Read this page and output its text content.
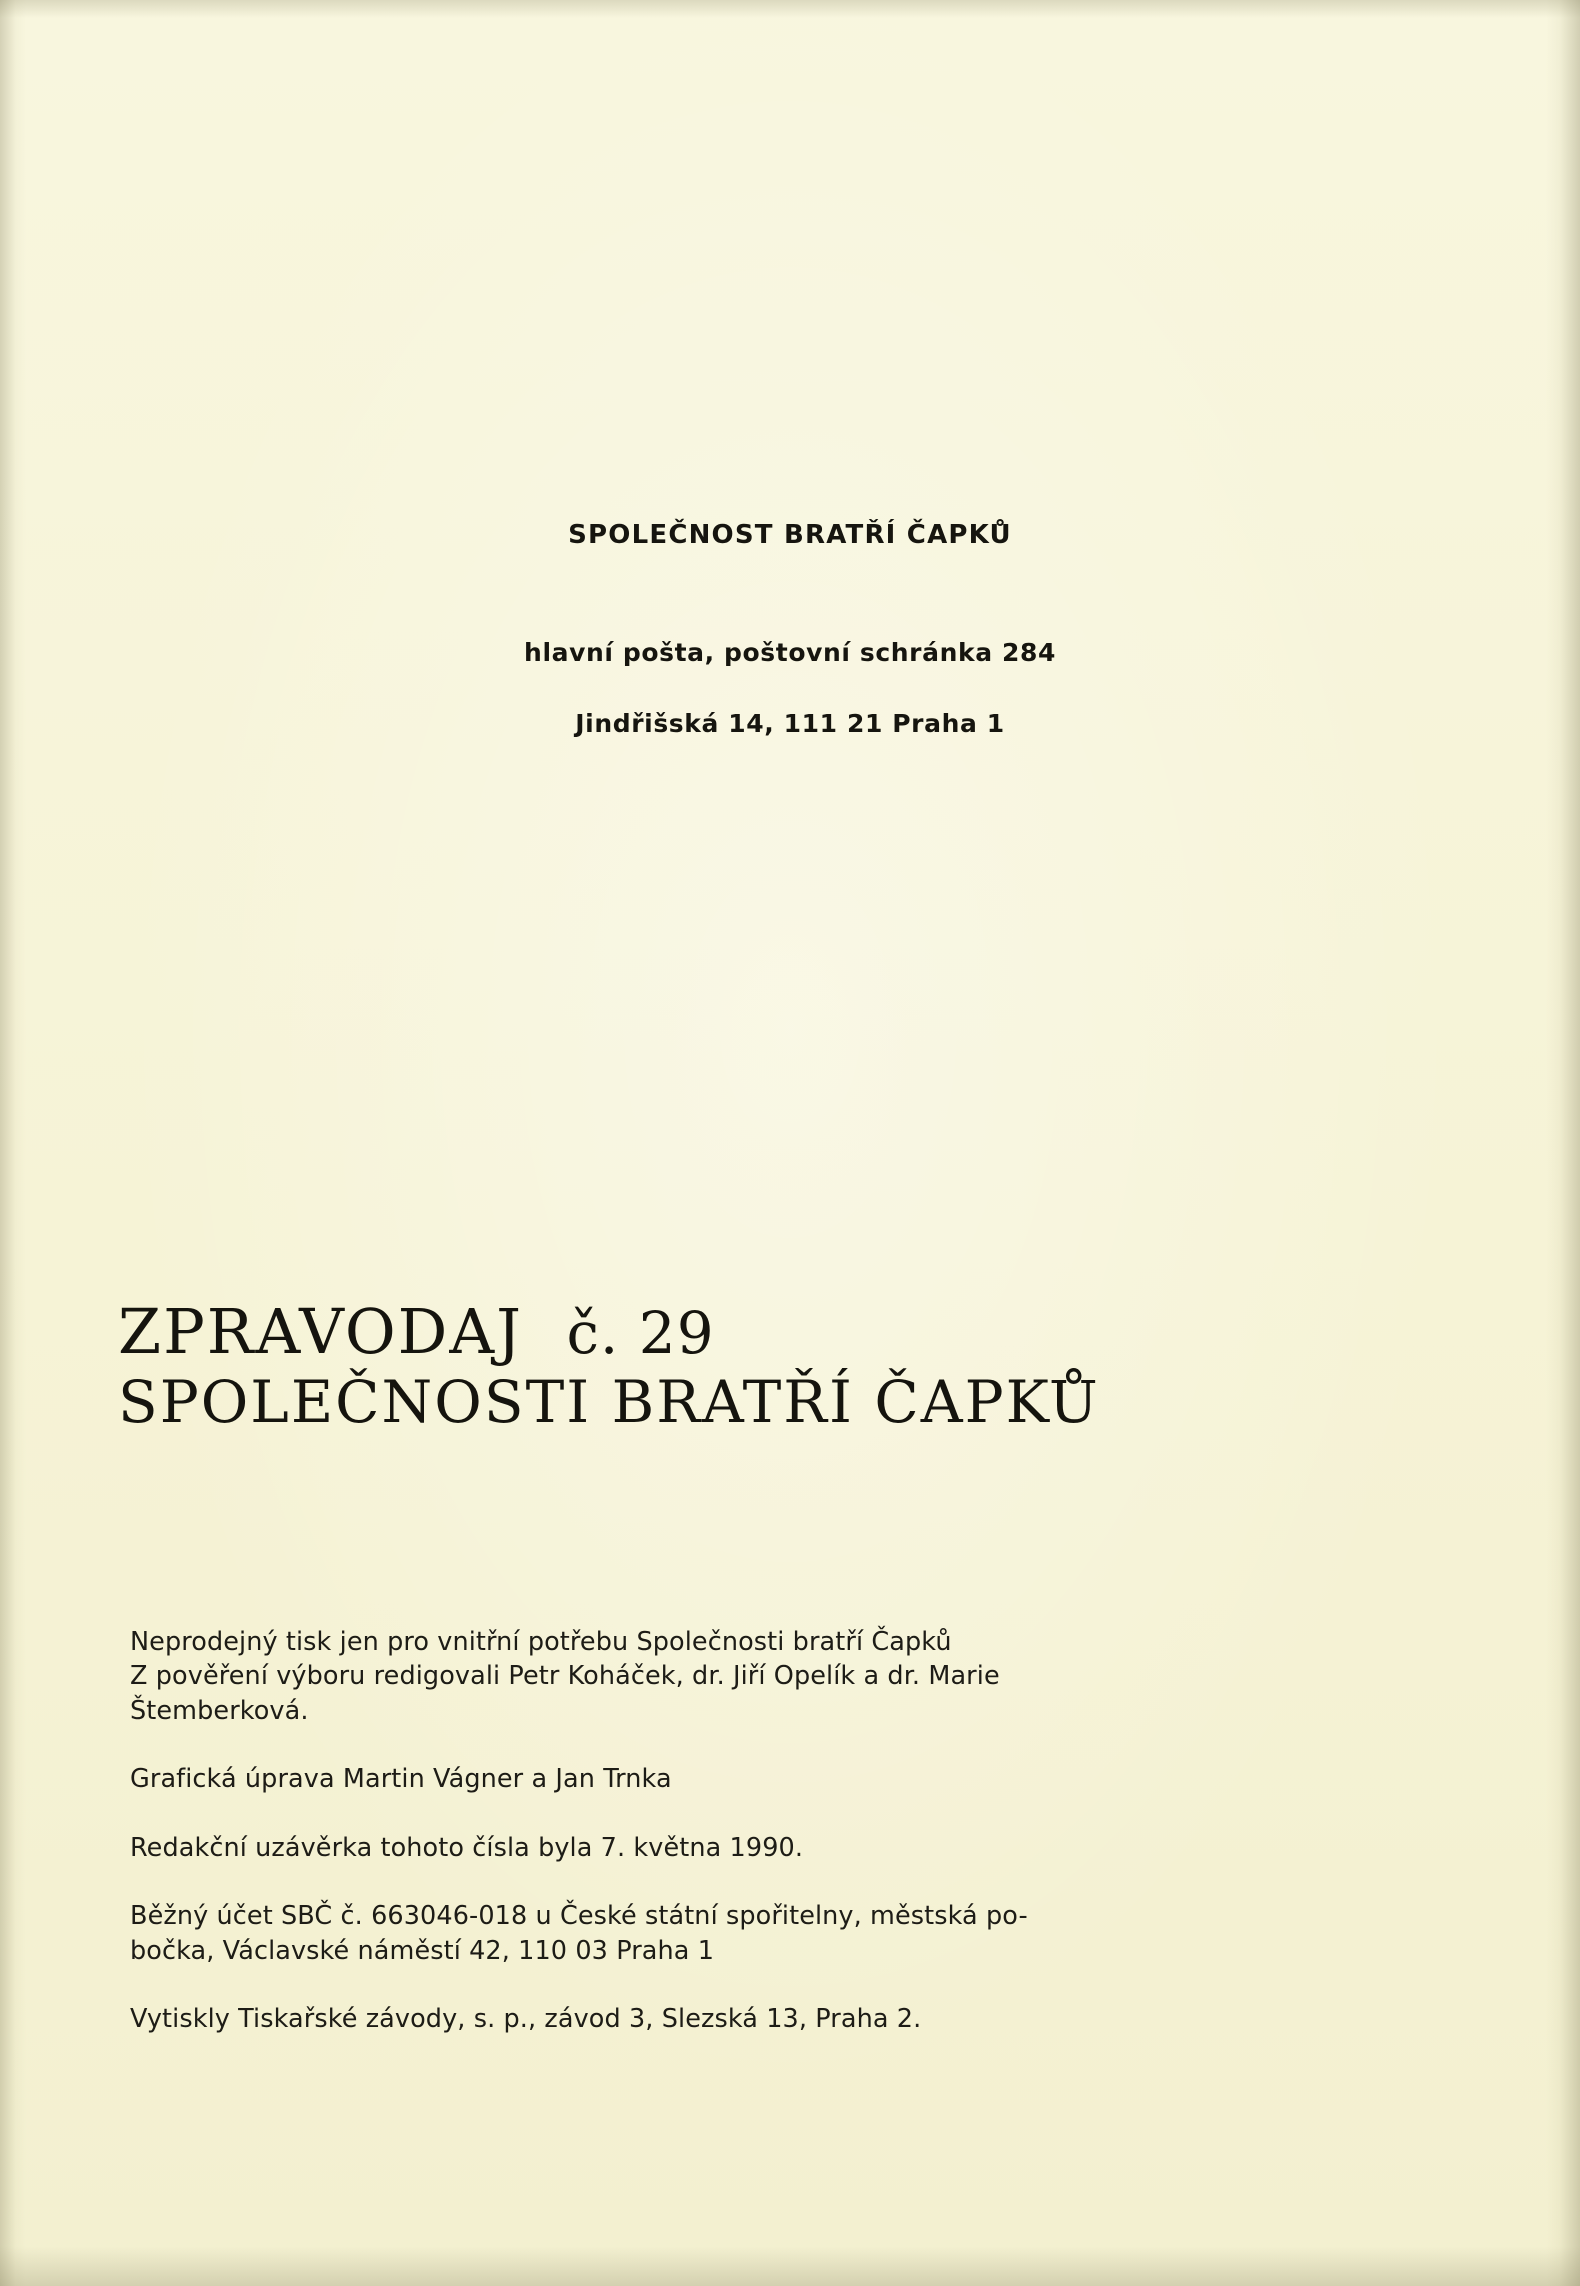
SPOLEČNOST BRATŘÍ ČAPKŮ
hlavní pošta, poštovní schránka 284
Jindřišská 14, 111 21 Praha 1
ZPRAVODAJ č. 29
SPOLEČNOSTI BRATŘÍ ČAPKŮ

Neprodejný tisk jen pro vnitřní potřebu Společnosti bratří Čapků
Z pověření výboru redigovali Petr Koháček, dr. Jiří Opelík a dr. Marie
Štemberková.

Grafická úprava Martin Vágner a Jan Trnka

Redakční uzávěrka tohoto čísla byla 7. května 1990.

Běžný účet SBČ č. 663046-018 u České státní spořitelny, městská po-
bočka, Václavské náměstí 42, 110 03 Praha 1

Vytiskly Tiskařské závody, s. p., závod 3, Slezská 13, Praha 2.
